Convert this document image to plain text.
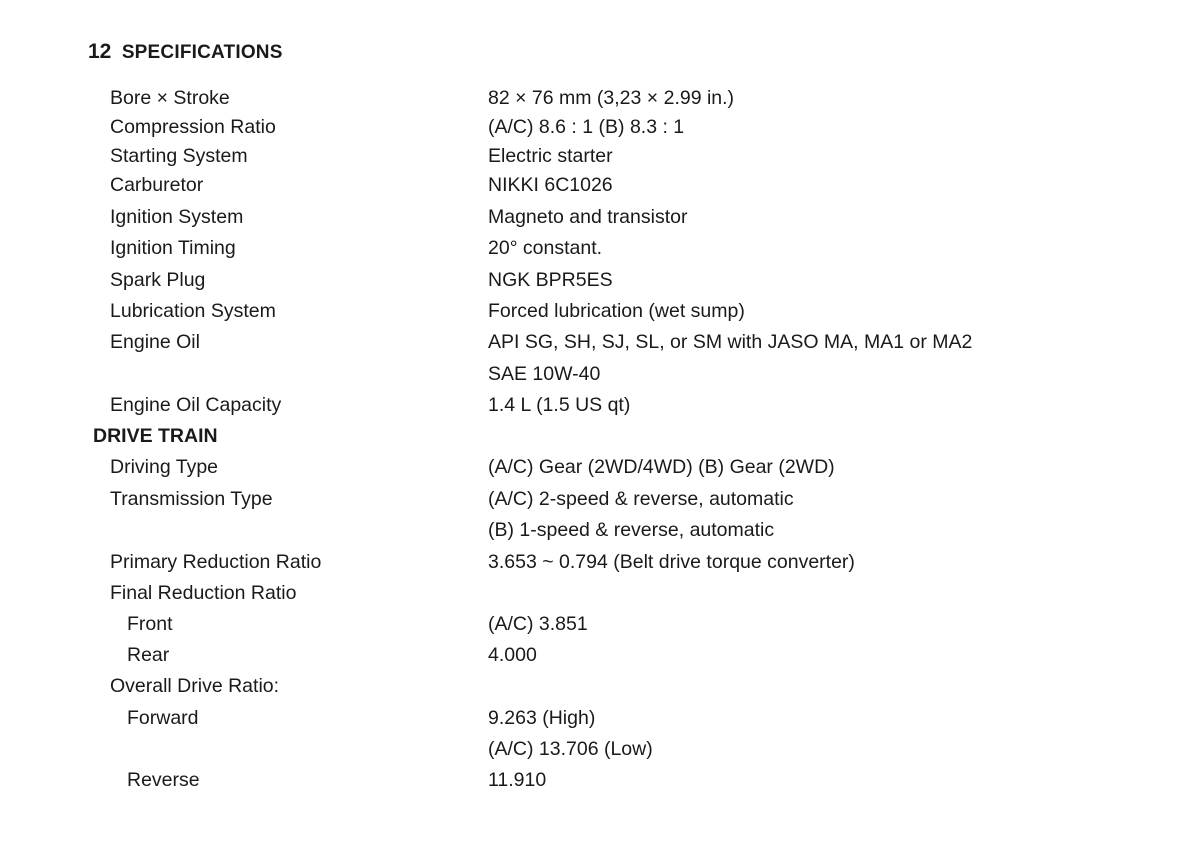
12 SPECIFICATIONS
Bore × Stroke	82 × 76 mm (3,23 × 2.99 in.)
Compression Ratio	(A/C) 8.6 : 1 (B) 8.3 : 1
Starting System	Electric starter
Carburetor	NIKKI 6C1026
Ignition System	Magneto and transistor
Ignition Timing	20° constant.
Spark Plug	NGK BPR5ES
Lubrication System	Forced lubrication (wet sump)
Engine Oil	API SG, SH, SJ, SL, or SM with JASO MA, MA1 or MA2
SAE 10W-40
Engine Oil Capacity	1.4 L (1.5 US qt)
DRIVE TRAIN
Driving Type	(A/C) Gear (2WD/4WD) (B) Gear (2WD)
Transmission Type	(A/C) 2-speed & reverse, automatic
(B) 1-speed & reverse, automatic
Primary Reduction Ratio	3.653 ~ 0.794 (Belt drive torque converter)
Final Reduction Ratio
Front	(A/C) 3.851
Rear	4.000
Overall Drive Ratio:
Forward	9.263 (High)
(A/C) 13.706 (Low)
Reverse	11.910
